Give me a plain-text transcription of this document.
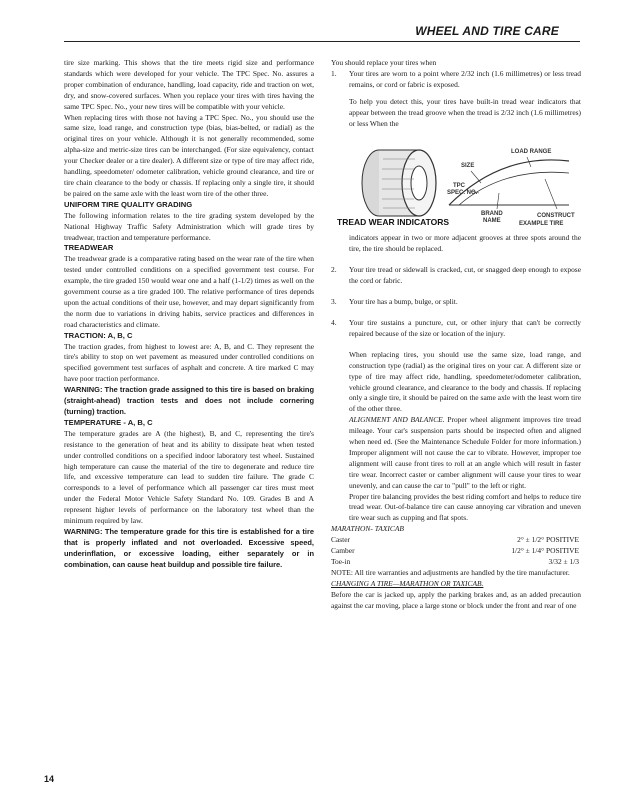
WHEEL AND TIRE CARE

tire size marking. This shows that the tire meets rigid size and performance standards which were developed for your vehicle. The TPC Spec. No. assures a proper combination of endurance, handling, load capacity, ride and traction on wet, dry, and snow-covered surfaces. When you replace your tires with tires having the same TPC Spec. No., your new tires will be compatible with your vehicle.

When replacing tires with those not having a TPC Spec. No., you should use the same size, load range, and construction type (bias, bias-belted, or radial) as the original tires on your vehicle. Although it is not generally recommended, some alpha-size and metric-size tires can be interchanged. (For size equivalency, contact your Checker dealer or a tire dealer). A different size or type of tire may affect ride, handling, speedometer/ odometer calibration, vehicle ground clearance, and tire or tire chain clearance to the body or chassis. If replacing only a single tire, it should be paired on the same axle with the least worn tire of the other three.

UNIFORM TIRE QUALITY GRADING

The following information relates to the tire grading system developed by the National Highway Traffic Safety Administration which will grade tires by treadwear, traction and temperature performance.

TREADWEAR

The treadwear grade is a comparative rating based on the wear rate of the tire when tested under controlled conditions on a specified government test course. For example, the tire graded 150 would wear one and a half (1-1/2) times as well on the government course as a tire graded 100. The relative performance of tires depends upon the actual conditions of their use, however, and may depart significantly from the norm due to variations in driving habits, service practices and differences in road characteristics and climate.

TRACTION: A, B, C

The traction grades, from highest to lowest are: A, B, and C. They represent the tire's ability to stop on wet pavement as measured under controlled conditions on specified government test surfaces of asphalt and concrete. A tire marked C may have poor traction performance.

WARNING: The traction grade assigned to this tire is based on braking (straight-ahead) traction tests and does not include cornering (turning) traction.

TEMPERATURE - A, B, C

The temperature grades are A (the highest), B, and C, representing the tire's resistance to the generation of heat and its ability to dissipate heat when tested under controlled conditions on a specified indoor laboratory test wheel. Sustained high temperature can cause the material of the tire to degenerate and reduce tire life, and excessive temperature can lead to sudden tire failure. The grade C corresponds to a level of performance which all passenger car tires must meet under the Federal Motor Vehicle Safety Standard No. 109. Grades B and A represent higher levels of performance on the laboratory test wheel than the minimum required by law.

WARNING: The temperature grade for this tire is established for a tire that is properly inflated and not overloaded. Excessive speed, underinflation, or excessive loading, either separately or in combination, can cause heat buildup and possible tire failure.

You should replace your tires when

1.	Your tires are worn to a point where 2/32 inch (1.6 millimetres) or less tread remains, or cord or fabric is exposed.

To help you detect this, your tires have built-in tread wear indicators that appear between the tread groove when the tread is 2/32 inch (1.6 millimetres) or less When the

SIZE
LOAD RANGE
TPC
SPEC. NO.
BRAND
NAME
CONSTRUCT
EXAMPLE TIRE
TREAD WEAR INDICATORS

indicators appear in two or more adjacent grooves at three spots around the tire, the tire should be replaced.

2.	Your tire tread or sidewall is cracked, cut, or snagged deep enough to expose the cord or fabric.
3.	Your tire has a bump, bulge, or split.
4.	Your tire sustains a puncture, cut, or other injury that can't be correctly repaired because of the size or location of the injury.

When replacing tires, you should use the same size, load range, and construction type (radial) as the original tires on your car. A different size or type of tire may affect ride, handling, speedometer/odometer calibration, vehicle ground clearance, and clearance to the body and chassis. If replacing only a single tire, it should be paired on the same axle with the least worn tire of the other three.

ALIGNMENT AND BALANCE. Proper wheel alignment improves tire tread mileage. Your car's suspension parts should be inspected often and aligned when need ed. (See the Maintenance Schedule Folder for more information.) Improper alignment will not cause the car to vibrate. However, improper toe alignment will cause front tires to roll at an angle which will result in faster tire wear. Incorrect caster or camber alignment will cause your tires to wear unevenly, and can cause the car to "pull" to the left or right.

Proper tire balancing provides the best riding comfort and helps to reduce tire tread wear. Out-of-balance tire can cause annoying car vibration and uneven tire wear such as cupping and flat spots.

MARATHON- TAXICAB

Caster	2° ± 1/2° POSITIVE
Camber	1/2° ± 1/4° POSITIVE
Toe-in	3/32 ± 1/3

NOTE: All tire warranties and adjustments are handled by the tire manufacturer.

CHANGING A TIRE—MARATHON OR TAXICAB.

Before the car is jacked up, apply the parking brakes and, as an added precaution against the car moving, place a large stone or block under the front and rear of one

14
